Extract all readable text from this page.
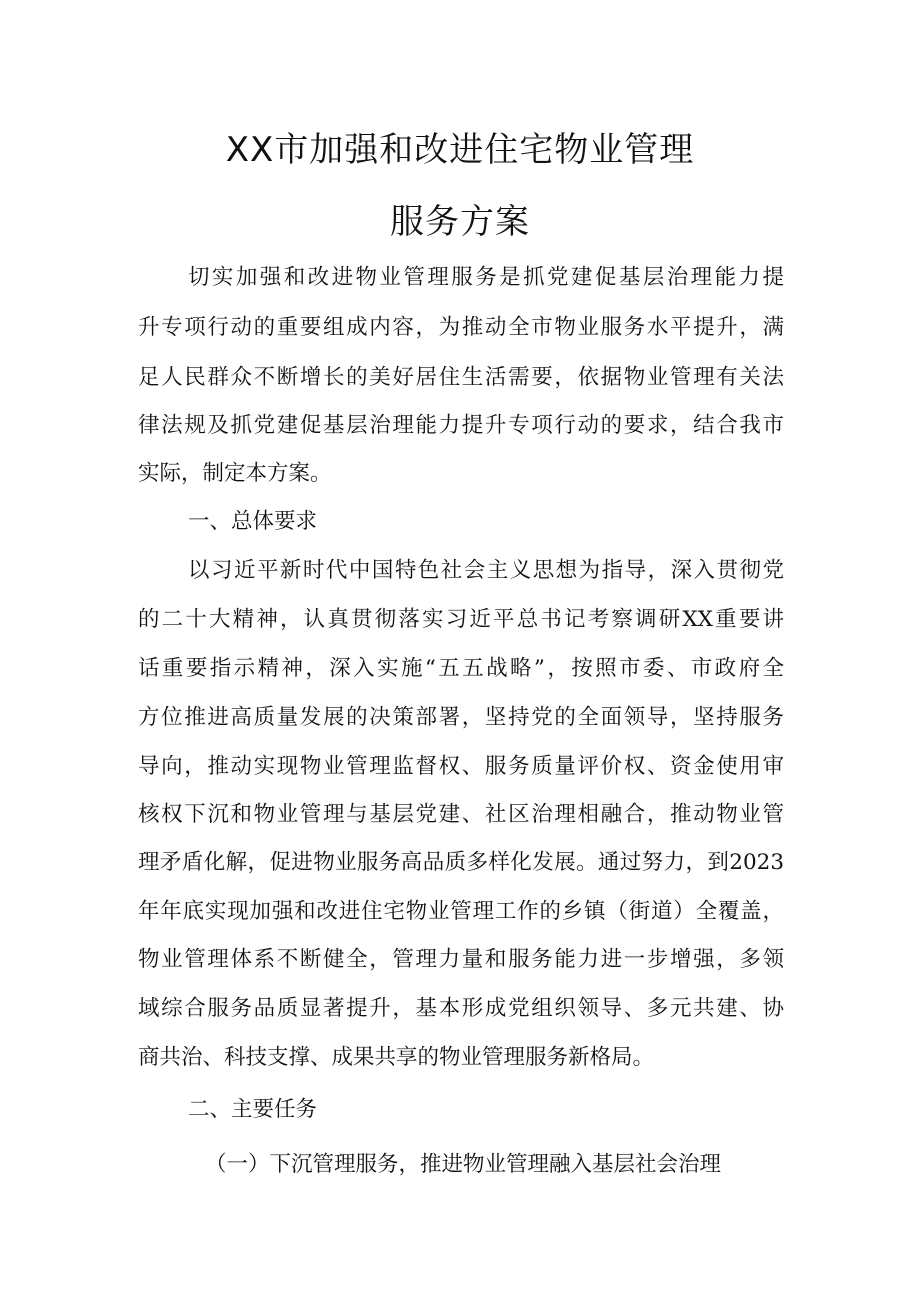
XX市加强和改进住宅物业管理
服务方案

切实加强和改进物业管理服务是抓党建促基层治理能力提

升专项行动的重要组成内容，为推动全市物业服务水平提升，满

足人民群众不断增长的美好居住生活需要，依据物业管理有关法

律法规及抓党建促基层治理能力提升专项行动的要求，结合我市

实际，制定本方案。

一、总体要求

以习近平新时代中国特色社会主义思想为指导，深入贯彻党

的二十大精神，认真贯彻落实习近平总书记考察调研XX重要讲

话重要指示精神，深入实施“五五战略”，按照市委、市政府全

方位推进高质量发展的决策部署，坚持党的全面领导，坚持服务

导向，推动实现物业管理监督权、服务质量评价权、资金使用审

核权下沉和物业管理与基层党建、社区治理相融合，推动物业管

理矛盾化解，促进物业服务高品质多样化发展。通过努力，到2023

年年底实现加强和改进住宅物业管理工作的乡镇（街道）全覆盖，

物业管理体系不断健全，管理力量和服务能力进一步增强，多领

域综合服务品质显著提升，基本形成党组织领导、多元共建、协

商共治、科技支撑、成果共享的物业管理服务新格局。

二、主要任务

（一）下沉管理服务，推进物业管理融入基层社会治理
